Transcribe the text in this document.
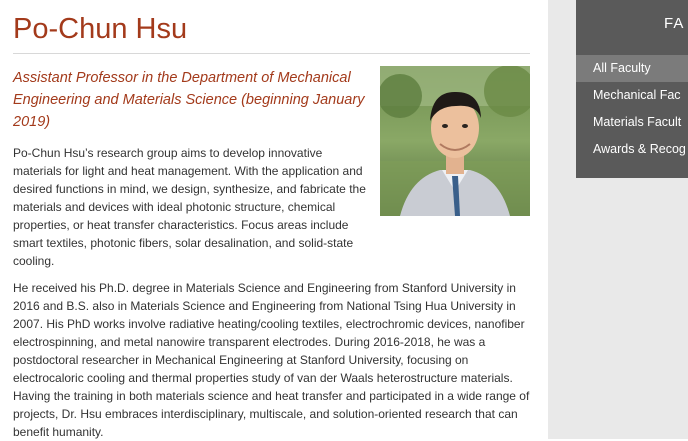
Po-Chun Hsu

Assistant Professor in the Department of Mechanical Engineering and Materials Science (beginning January 2019)

Po-Chun Hsu’s research group aims to develop innovative materials for light and heat management. With the application and desired functions in mind, we design, synthesize, and fabricate the materials and devices with ideal photonic structure, chemical properties, or heat transfer characteristics. Focus areas include smart textiles, photonic fibers, solar desalination, and solid-state cooling.

He received his Ph.D. degree in Materials Science and Engineering from Stanford University in 2016 and B.S. also in Materials Science and Engineering from National Tsing Hua University in 2007. His PhD works involve radiative heating/cooling textiles, electrochromic devices, nanofiber electrospinning, and metal nanowire transparent electrodes. During 2016-2018, he was a postdoctoral researcher in Mechanical Engineering at Stanford University, focusing on electrocaloric cooling and thermal properties study of van der Waals heterostructure materials. Having the training in both materials science and heat transfer and participated in a wide range of projects, Dr. Hsu embraces interdisciplinary, multiscale, and solution-oriented research that can benefit humanity.

FA
All Faculty
Mechanical Fac
Materials Facult
Awards & Recog
